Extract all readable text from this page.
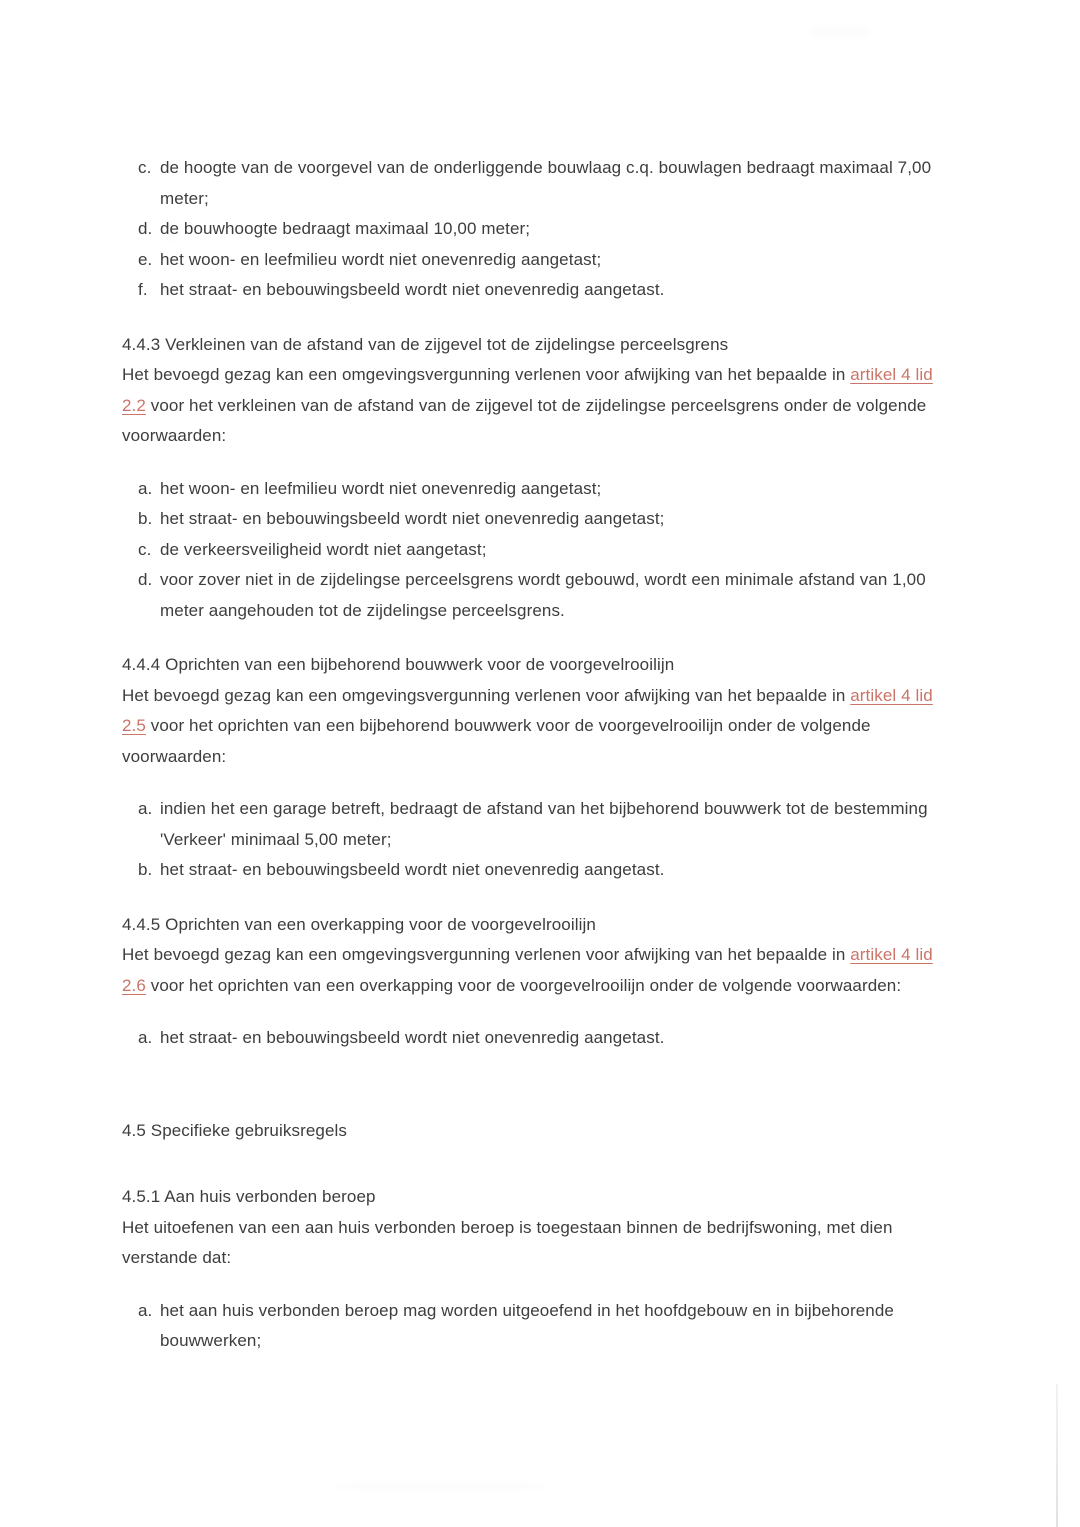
c. de hoogte van de voorgevel van de onderliggende bouwlaag c.q. bouwlagen bedraagt maximaal 7,00 meter;
d. de bouwhoogte bedraagt maximaal 10,00 meter;
e. het woon- en leefmilieu wordt niet onevenredig aangetast;
f. het straat- en bebouwingsbeeld wordt niet onevenredig aangetast.
4.4.3 Verkleinen van de afstand van de zijgevel tot de zijdelingse perceelsgrens

Het bevoegd gezag kan een omgevingsvergunning verlenen voor afwijking van het bepaalde in artikel 4 lid 2.2 voor het verkleinen van de afstand van de zijgevel tot de zijdelingse perceelsgrens onder de volgende voorwaarden:

a. het woon- en leefmilieu wordt niet onevenredig aangetast;
b. het straat- en bebouwingsbeeld wordt niet onevenredig aangetast;
c. de verkeersveiligheid wordt niet aangetast;
d. voor zover niet in de zijdelingse perceelsgrens wordt gebouwd, wordt een minimale afstand van 1,00 meter aangehouden tot de zijdelingse perceelsgrens.
4.4.4 Oprichten van een bijbehorend bouwwerk voor de voorgevelrooilijn

Het bevoegd gezag kan een omgevingsvergunning verlenen voor afwijking van het bepaalde in artikel 4 lid 2.5 voor het oprichten van een bijbehorend bouwwerk voor de voorgevelrooilijn onder de volgende voorwaarden:

a. indien het een garage betreft, bedraagt de afstand van het bijbehorend bouwwerk tot de bestemming 'Verkeer' minimaal 5,00 meter;
b. het straat- en bebouwingsbeeld wordt niet onevenredig aangetast.
4.4.5 Oprichten van een overkapping voor de voorgevelrooilijn

Het bevoegd gezag kan een omgevingsvergunning verlenen voor afwijking van het bepaalde in artikel 4 lid 2.6 voor het oprichten van een overkapping voor de voorgevelrooilijn onder de volgende voorwaarden:

a. het straat- en bebouwingsbeeld wordt niet onevenredig aangetast.
4.5 Specifieke gebruiksregels
4.5.1 Aan huis verbonden beroep

Het uitoefenen van een aan huis verbonden beroep is toegestaan binnen de bedrijfswoning, met dien verstande dat:

a. het aan huis verbonden beroep mag worden uitgeoefend in het hoofdgebouw en in bijbehorende bouwwerken;
